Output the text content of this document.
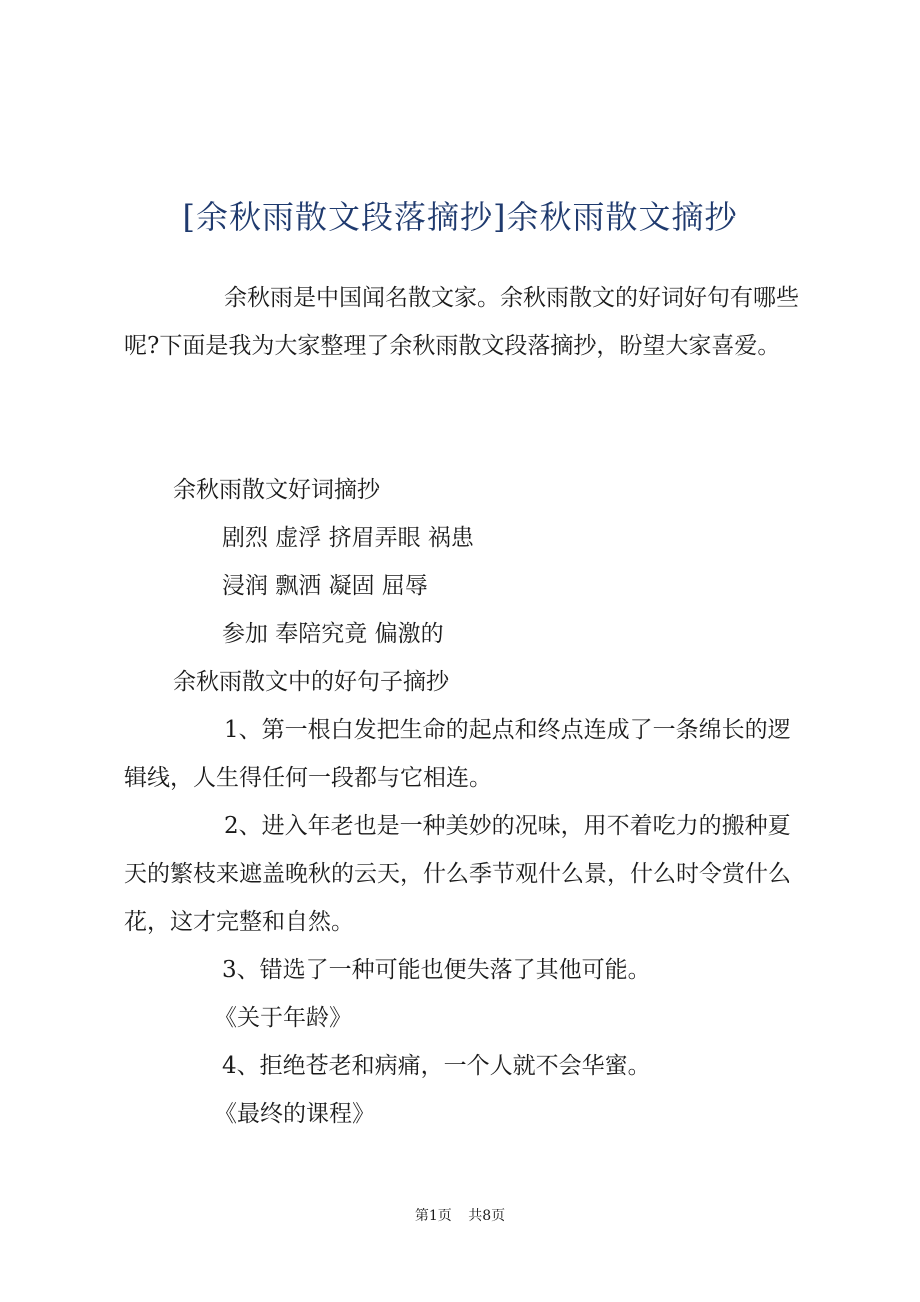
[余秋雨散文段落摘抄]余秋雨散文摘抄

余秋雨是中国闻名散文家。余秋雨散文的好词好句有哪些呢?下面是我为大家整理了余秋雨散文段落摘抄，盼望大家喜爱。

余秋雨散文好词摘抄

剧烈 虚浮 挤眉弄眼 祸患

浸润 飘洒 凝固 屈辱

参加 奉陪究竟 偏激的

余秋雨散文中的好句子摘抄

1、第一根白发把生命的起点和终点连成了一条绵长的逻辑线，人生得任何一段都与它相连。

2、进入年老也是一种美妙的况味，用不着吃力的搬种夏天的繁枝来遮盖晚秋的云天，什么季节观什么景，什么时令赏什么花，这才完整和自然。

3、错选了一种可能也便失落了其他可能。

《关于年龄》

4、拒绝苍老和病痛，一个人就不会华蜜。

《最终的课程》

第1页 共8页
